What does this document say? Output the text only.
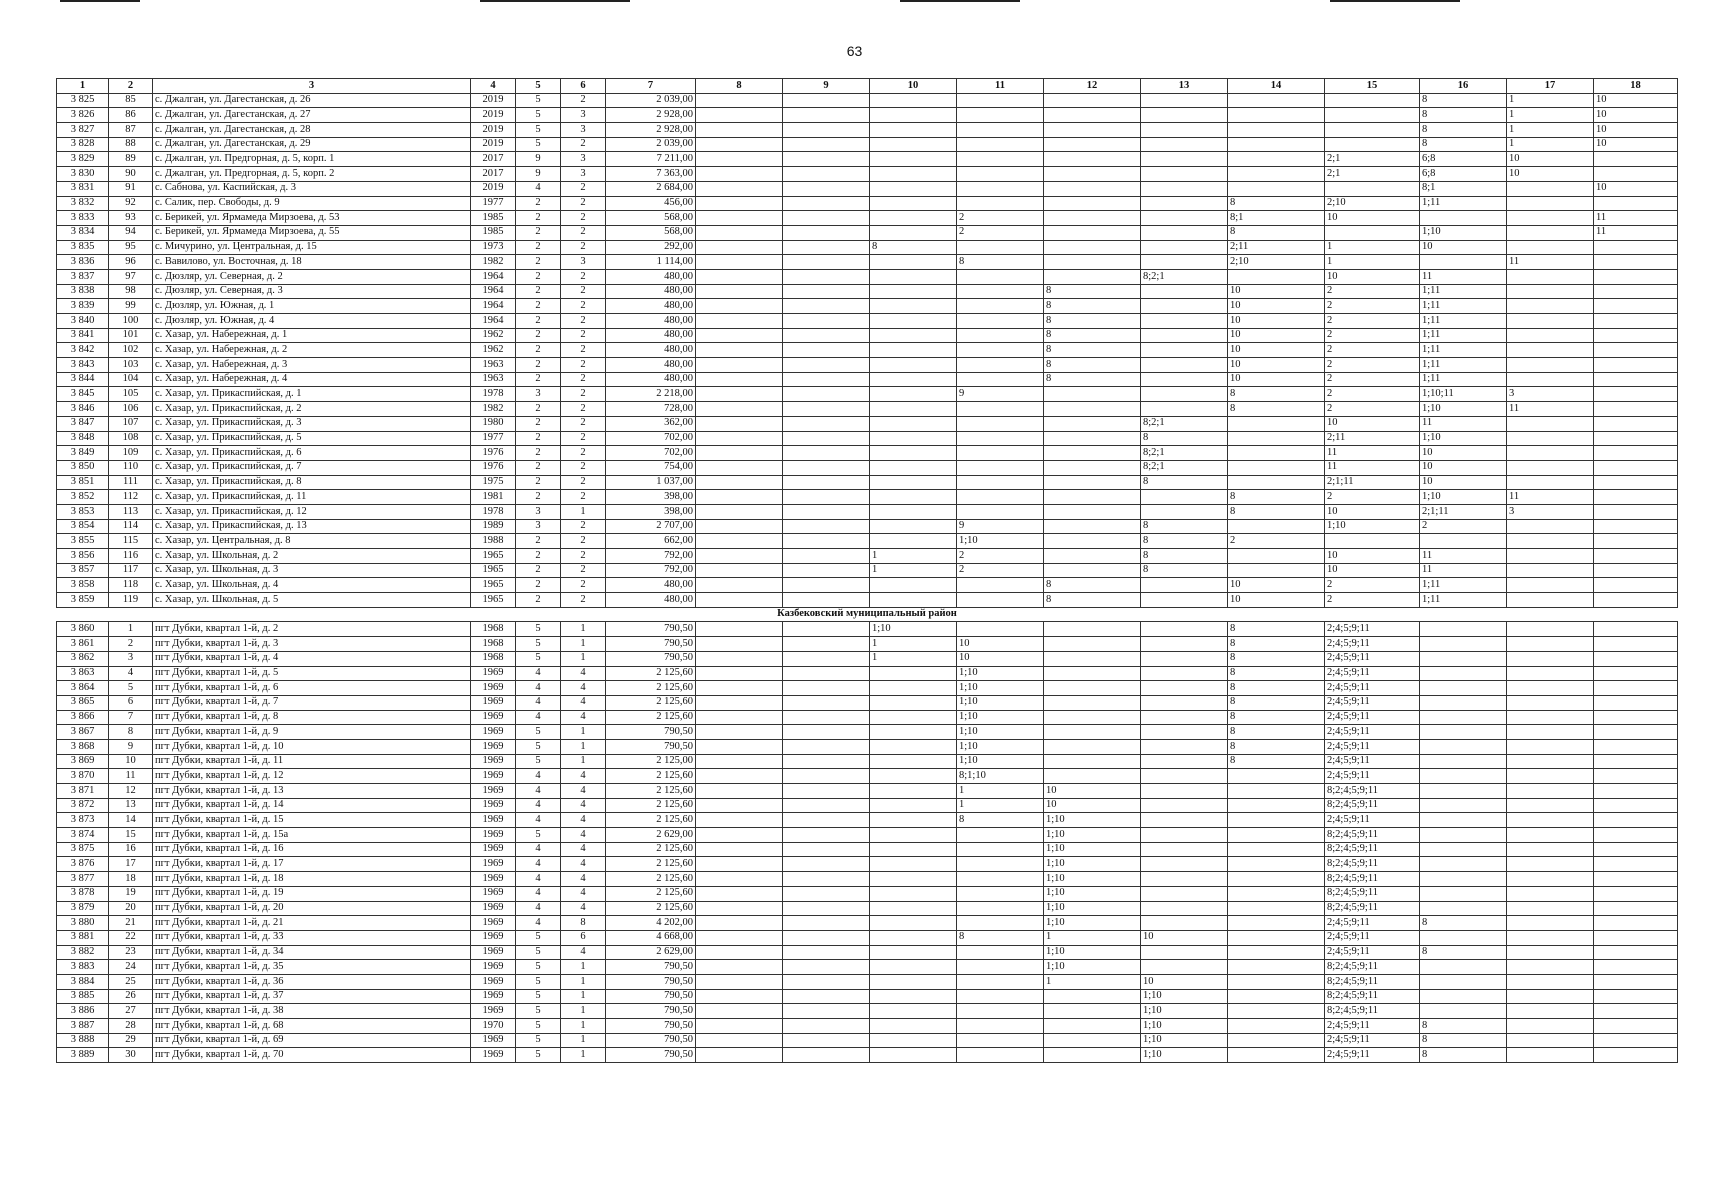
63
1	2	3	4	5	6	7	8	9	10	11	12	13	14	15	16	17	18
3 825	85	с. Джалган, ул. Дагестанская, д. 26	2019	5	2	2 039,00									8	1	10
3 826	86	с. Джалган, ул. Дагестанская, д. 27	2019	5	3	2 928,00									8	1	10
3 827	87	с. Джалган, ул. Дагестанская, д. 28	2019	5	3	2 928,00									8	1	10
3 828	88	с. Джалган, ул. Дагестанская, д. 29	2019	5	2	2 039,00									8	1	10
3 829	89	с. Джалган, ул. Предгорная, д. 5, корп. 1	2017	9	3	7 211,00								2;1	6;8	10	
3 830	90	с. Джалган, ул. Предгорная, д. 5, корп. 2	2017	9	3	7 363,00								2;1	6;8	10	
3 831	91	с. Сабнова, ул. Каспийская, д. 3	2019	4	2	2 684,00									8;1		10
3 832	92	с. Салик, пер. Свободы, д. 9	1977	2	2	456,00							8	2;10	1;11		
3 833	93	с. Берикей, ул. Ярмамеда Мирзоева, д. 53	1985	2	2	568,00				2			8;1	10			11
3 834	94	с. Берикей, ул. Ярмамеда Мирзоева, д. 55	1985	2	2	568,00				2			8		1;10		11
3 835	95	с. Мичурино, ул. Центральная, д. 15	1973	2	2	292,00			8				2;11	1	10		
3 836	96	с. Вавилово, ул. Восточная, д. 18	1982	2	3	1 114,00				8			2;10	1		11	
3 837	97	с. Дюзляр, ул. Северная, д. 2	1964	2	2	480,00						8;2;1		10	11		
3 838	98	с. Дюзляр, ул. Северная, д. 3	1964	2	2	480,00					8		10	2	1;11		
3 839	99	с. Дюзляр, ул. Южная, д. 1	1964	2	2	480,00					8		10	2	1;11		
3 840	100	с. Дюзляр, ул. Южная, д. 4	1964	2	2	480,00					8		10	2	1;11		
3 841	101	с. Хазар, ул. Набережная, д. 1	1962	2	2	480,00					8		10	2	1;11		
3 842	102	с. Хазар, ул. Набережная, д. 2	1962	2	2	480,00					8		10	2	1;11		
3 843	103	с. Хазар, ул. Набережная, д. 3	1963	2	2	480,00					8		10	2	1;11		
3 844	104	с. Хазар, ул. Набережная, д. 4	1963	2	2	480,00					8		10	2	1;11		
3 845	105	с. Хазар, ул. Прикаспийская, д. 1	1978	3	2	2 218,00				9			8	2	1;10;11	3	
3 846	106	с. Хазар, ул. Прикаспийская, д. 2	1982	2	2	728,00							8	2	1;10	11	
3 847	107	с. Хазар, ул. Прикаспийская, д. 3	1980	2	2	362,00						8;2;1		10	11		
3 848	108	с. Хазар, ул. Прикаспийская, д. 5	1977	2	2	702,00						8		2;11	1;10		
3 849	109	с. Хазар, ул. Прикаспийская, д. 6	1976	2	2	702,00						8;2;1		11	10		
3 850	110	с. Хазар, ул. Прикаспийская, д. 7	1976	2	2	754,00						8;2;1		11	10		
3 851	111	с. Хазар, ул. Прикаспийская, д. 8	1975	2	2	1 037,00						8		2;1;11	10		
3 852	112	с. Хазар, ул. Прикаспийская, д. 11	1981	2	2	398,00							8	2	1;10	11	
3 853	113	с. Хазар, ул. Прикаспийская, д. 12	1978	3	1	398,00							8	10	2;1;11	3	
3 854	114	с. Хазар, ул. Прикаспийская, д. 13	1989	3	2	2 707,00				9		8		1;10	2		
3 855	115	с. Хазар, ул. Центральная, д. 8	1988	2	2	662,00				1;10		8	2				
3 856	116	с. Хазар, ул. Школьная, д. 2	1965	2	2	792,00			1	2		8		10	11		
3 857	117	с. Хазар, ул. Школьная, д. 3	1965	2	2	792,00			1	2		8		10	11		
3 858	118	с. Хазар, ул. Школьная, д. 4	1965	2	2	480,00					8		10	2	1;11		
3 859	119	с. Хазар, ул. Школьная, д. 5	1965	2	2	480,00					8		10	2	1;11		
Казбековский муниципальный район																	
3 860	1	пгт Дубки, квартал 1-й, д. 2	1968	5	1	790,50			1;10				8	2;4;5;9;11			
3 861	2	пгт Дубки, квартал 1-й, д. 3	1968	5	1	790,50			1	10			8	2;4;5;9;11			
3 862	3	пгт Дубки, квартал 1-й, д. 4	1968	5	1	790,50			1	10			8	2;4;5;9;11			
3 863	4	пгт Дубки, квартал 1-й, д. 5	1969	4	4	2 125,60				1;10			8	2;4;5;9;11			
3 864	5	пгт Дубки, квартал 1-й, д. 6	1969	4	4	2 125,60				1;10			8	2;4;5;9;11			
3 865	6	пгт Дубки, квартал 1-й, д. 7	1969	4	4	2 125,60				1;10			8	2;4;5;9;11			
3 866	7	пгт Дубки, квартал 1-й, д. 8	1969	4	4	2 125,60				1;10			8	2;4;5;9;11			
3 867	8	пгт Дубки, квартал 1-й, д. 9	1969	5	1	790,50				1;10			8	2;4;5;9;11			
3 868	9	пгт Дубки, квартал 1-й, д. 10	1969	5	1	790,50				1;10			8	2;4;5;9;11			
3 869	10	пгт Дубки, квартал 1-й, д. 11	1969	5	1	2 125,00				1;10			8	2;4;5;9;11			
3 870	11	пгт Дубки, квартал 1-й, д. 12	1969	4	4	2 125,60				8;1;10				2;4;5;9;11			
3 871	12	пгт Дубки, квартал 1-й, д. 13	1969	4	4	2 125,60				1	10			8;2;4;5;9;11			
3 872	13	пгт Дубки, квартал 1-й, д. 14	1969	4	4	2 125,60				1	10			8;2;4;5;9;11			
3 873	14	пгт Дубки, квартал 1-й, д. 15	1969	4	4	2 125,60				8	1;10			2;4;5;9;11			
3 874	15	пгт Дубки, квартал 1-й, д. 15а	1969	5	4	2 629,00					1;10			8;2;4;5;9;11			
3 875	16	пгт Дубки, квартал 1-й, д. 16	1969	4	4	2 125,60					1;10			8;2;4;5;9;11			
3 876	17	пгт Дубки, квартал 1-й, д. 17	1969	4	4	2 125,60					1;10			8;2;4;5;9;11			
3 877	18	пгт Дубки, квартал 1-й, д. 18	1969	4	4	2 125,60					1;10			8;2;4;5;9;11			
3 878	19	пгт Дубки, квартал 1-й, д. 19	1969	4	4	2 125,60					1;10			8;2;4;5;9;11			
3 879	20	пгт Дубки, квартал 1-й, д. 20	1969	4	4	2 125,60					1;10			8;2;4;5;9;11			
3 880	21	пгт Дубки, квартал 1-й, д. 21	1969	4	8	4 202,00					1;10			2;4;5;9;11	8		
3 881	22	пгт Дубки, квартал 1-й, д. 33	1969	5	6	4 668,00				8	1	10		2;4;5;9;11			
3 882	23	пгт Дубки, квартал 1-й, д. 34	1969	5	4	2 629,00					1;10			2;4;5;9;11	8		
3 883	24	пгт Дубки, квартал 1-й, д. 35	1969	5	1	790,50					1;10			8;2;4;5;9;11			
3 884	25	пгт Дубки, квартал 1-й, д. 36	1969	5	1	790,50					1	10		8;2;4;5;9;11			
3 885	26	пгт Дубки, квартал 1-й, д. 37	1969	5	1	790,50						1;10		8;2;4;5;9;11			
3 886	27	пгт Дубки, квартал 1-й, д. 38	1969	5	1	790,50						1;10		8;2;4;5;9;11			
3 887	28	пгт Дубки, квартал 1-й, д. 68	1970	5	1	790,50						1;10		2;4;5;9;11	8		
3 888	29	пгт Дубки, квартал 1-й, д. 69	1969	5	1	790,50						1;10		2;4;5;9;11	8		
3 889	30	пгт Дубки, квартал 1-й, д. 70	1969	5	1	790,50						1;10		2;4;5;9;11	8		
